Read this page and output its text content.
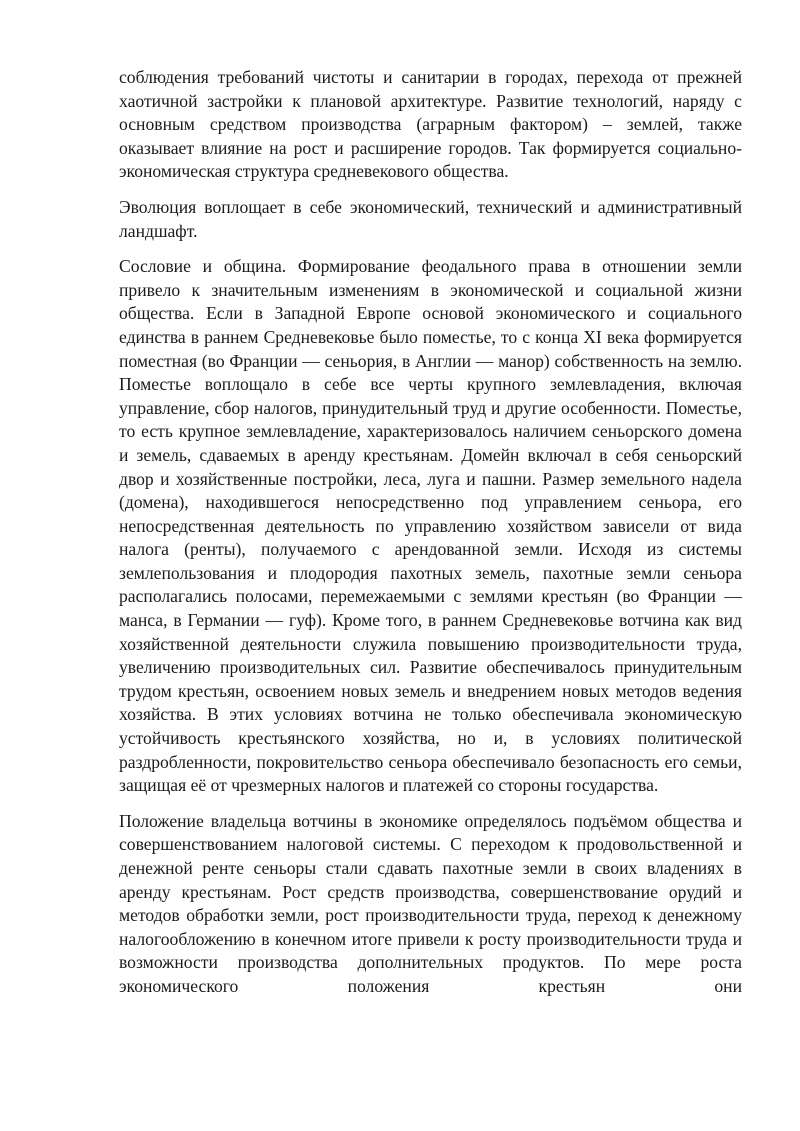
соблюдения требований чистоты и санитарии в городах, перехода от прежней хаотичной застройки к плановой архитектуре. Развитие технологий, наряду с основным средством производства (аграрным фактором) – землей, также оказывает влияние на рост и расширение городов. Так формируется социально-экономическая структура средневекового общества.

Эволюция воплощает в себе экономический, технический и административный ландшафт.

Сословие и община. Формирование феодального права в отношении земли привело к значительным изменениям в экономической и социальной жизни общества. Если в Западной Европе основой экономического и социального единства в раннем Средневековье было поместье, то с конца XI века формируется поместная (во Франции — сеньория, в Англии — манор) собственность на землю. Поместье воплощало в себе все черты крупного землевладения, включая управление, сбор налогов, принудительный труд и другие особенности. Поместье, то есть крупное землевладение, характеризовалось наличием сеньорского домена и земель, сдаваемых в аренду крестьянам. Домейн включал в себя сеньорский двор и хозяйственные постройки, леса, луга и пашни. Размер земельного надела (домена), находившегося непосредственно под управлением сеньора, его непосредственная деятельность по управлению хозяйством зависели от вида налога (ренты), получаемого с арендованной земли. Исходя из системы землепользования и плодородия пахотных земель, пахотные земли сеньора располагались полосами, перемежаемыми с землями крестьян (во Франции — манса, в Германии — гуф). Кроме того, в раннем Средневековье вотчина как вид хозяйственной деятельности служила повышению производительности труда, увеличению производительных сил. Развитие обеспечивалось принудительным трудом крестьян, освоением новых земель и внедрением новых методов ведения хозяйства. В этих условиях вотчина не только обеспечивала экономическую устойчивость крестьянского хозяйства, но и, в условиях политической раздробленности, покровительство сеньора обеспечивало безопасность его семьи, защищая её от чрезмерных налогов и платежей со стороны государства.

Положение владельца вотчины в экономике определялось подъёмом общества и совершенствованием налоговой системы. С переходом к продовольственной и денежной ренте сеньоры стали сдавать пахотные земли в своих владениях в аренду крестьянам. Рост средств производства, совершенствование орудий и методов обработки земли, рост производительности труда, переход к денежному налогообложению в конечном итоге привели к росту производительности труда и возможности производства дополнительных продуктов. По мере роста экономического положения крестьян они
